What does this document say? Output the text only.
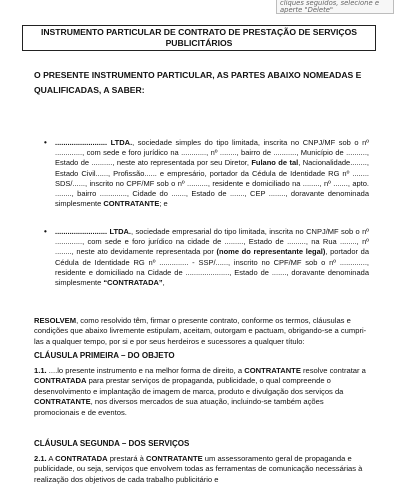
cliques seguidos, selecione e aperte "Delete"
INSTRUMENTO PARTICULAR DE CONTRATO DE PRESTAÇÃO DE SERVIÇOS
PUBLICITÁRIOS
O PRESENTE INSTRUMENTO PARTICULAR, AS PARTES ABAIXO NOMEADAS E QUALIFICADAS, A SABER:
• ......................... LTDA., sociedade simples do tipo limitada, inscrita no CNPJ/MF sob o nº ............., com sede e foro jurídico na ............, nº ........, bairro de ..........., Município de .........., Estado de .........., neste ato representada por seu Diretor, Fulano de tal, Nacionalidade........, Estado Civil......, Profissão...... e empresário, portador da Cédula de Identidade RG nº ........ SDS/......, inscrito no CPF/MF sob o nº .........., residente e domiciliado na ........, nº ......., apto. ........, bairro ............., Cidade do ......., Estado de ......., CEP ........, doravante denominada simplesmente CONTRATANTE; e

• ......................... LTDA., sociedade empresarial do tipo limitada, inscrita no CNPJ/MF sob o nº ............., com sede e foro jurídico na cidade de ........., Estado de ........., na Rua ........, nº ........, neste ato devidamente representada por (nome do representante legal), portador da Cédula de Identidade RG nº .............. - SSP/......, inscrito no CPF/MF sob o nº ............., residente e domiciliado na Cidade de ....................., Estado de ......., doravante denominada simplesmente “CONTRATADA”,

RESOLVEM, como resolvido têm, firmar o presente contrato, conforme os termos, cláusulas e condições que abaixo livremente estipulam, aceitam, outorgam e pactuam, obrigando-se a cumpri-las a qualquer tempo, por si e por seus herdeiros e sucessores a qualquer título:

CLÁUSULA PRIMEIRA – DO OBJETO

1.1. ....lo presente instrumento e na melhor forma de direito, a CONTRATANTE resolve contratar a CONTRATADA para prestar serviços de propaganda, publicidade, o qual compreende o desenvolvimento e implantação de imagem de marca, produto e divulgação dos serviços da CONTRATANTE, nos diversos mercados de sua atuação, incluindo-se também ações promocionais e de eventos.

CLÁUSULA SEGUNDA – DOS SERVIÇOS

2.1. A CONTRATADA prestará à CONTRATANTE um assessoramento geral de propaganda e publicidade, ou seja, serviços que envolvem todas as ferramentas de comunicação necessárias à realização dos objetivos de cada trabalho publicitário e
